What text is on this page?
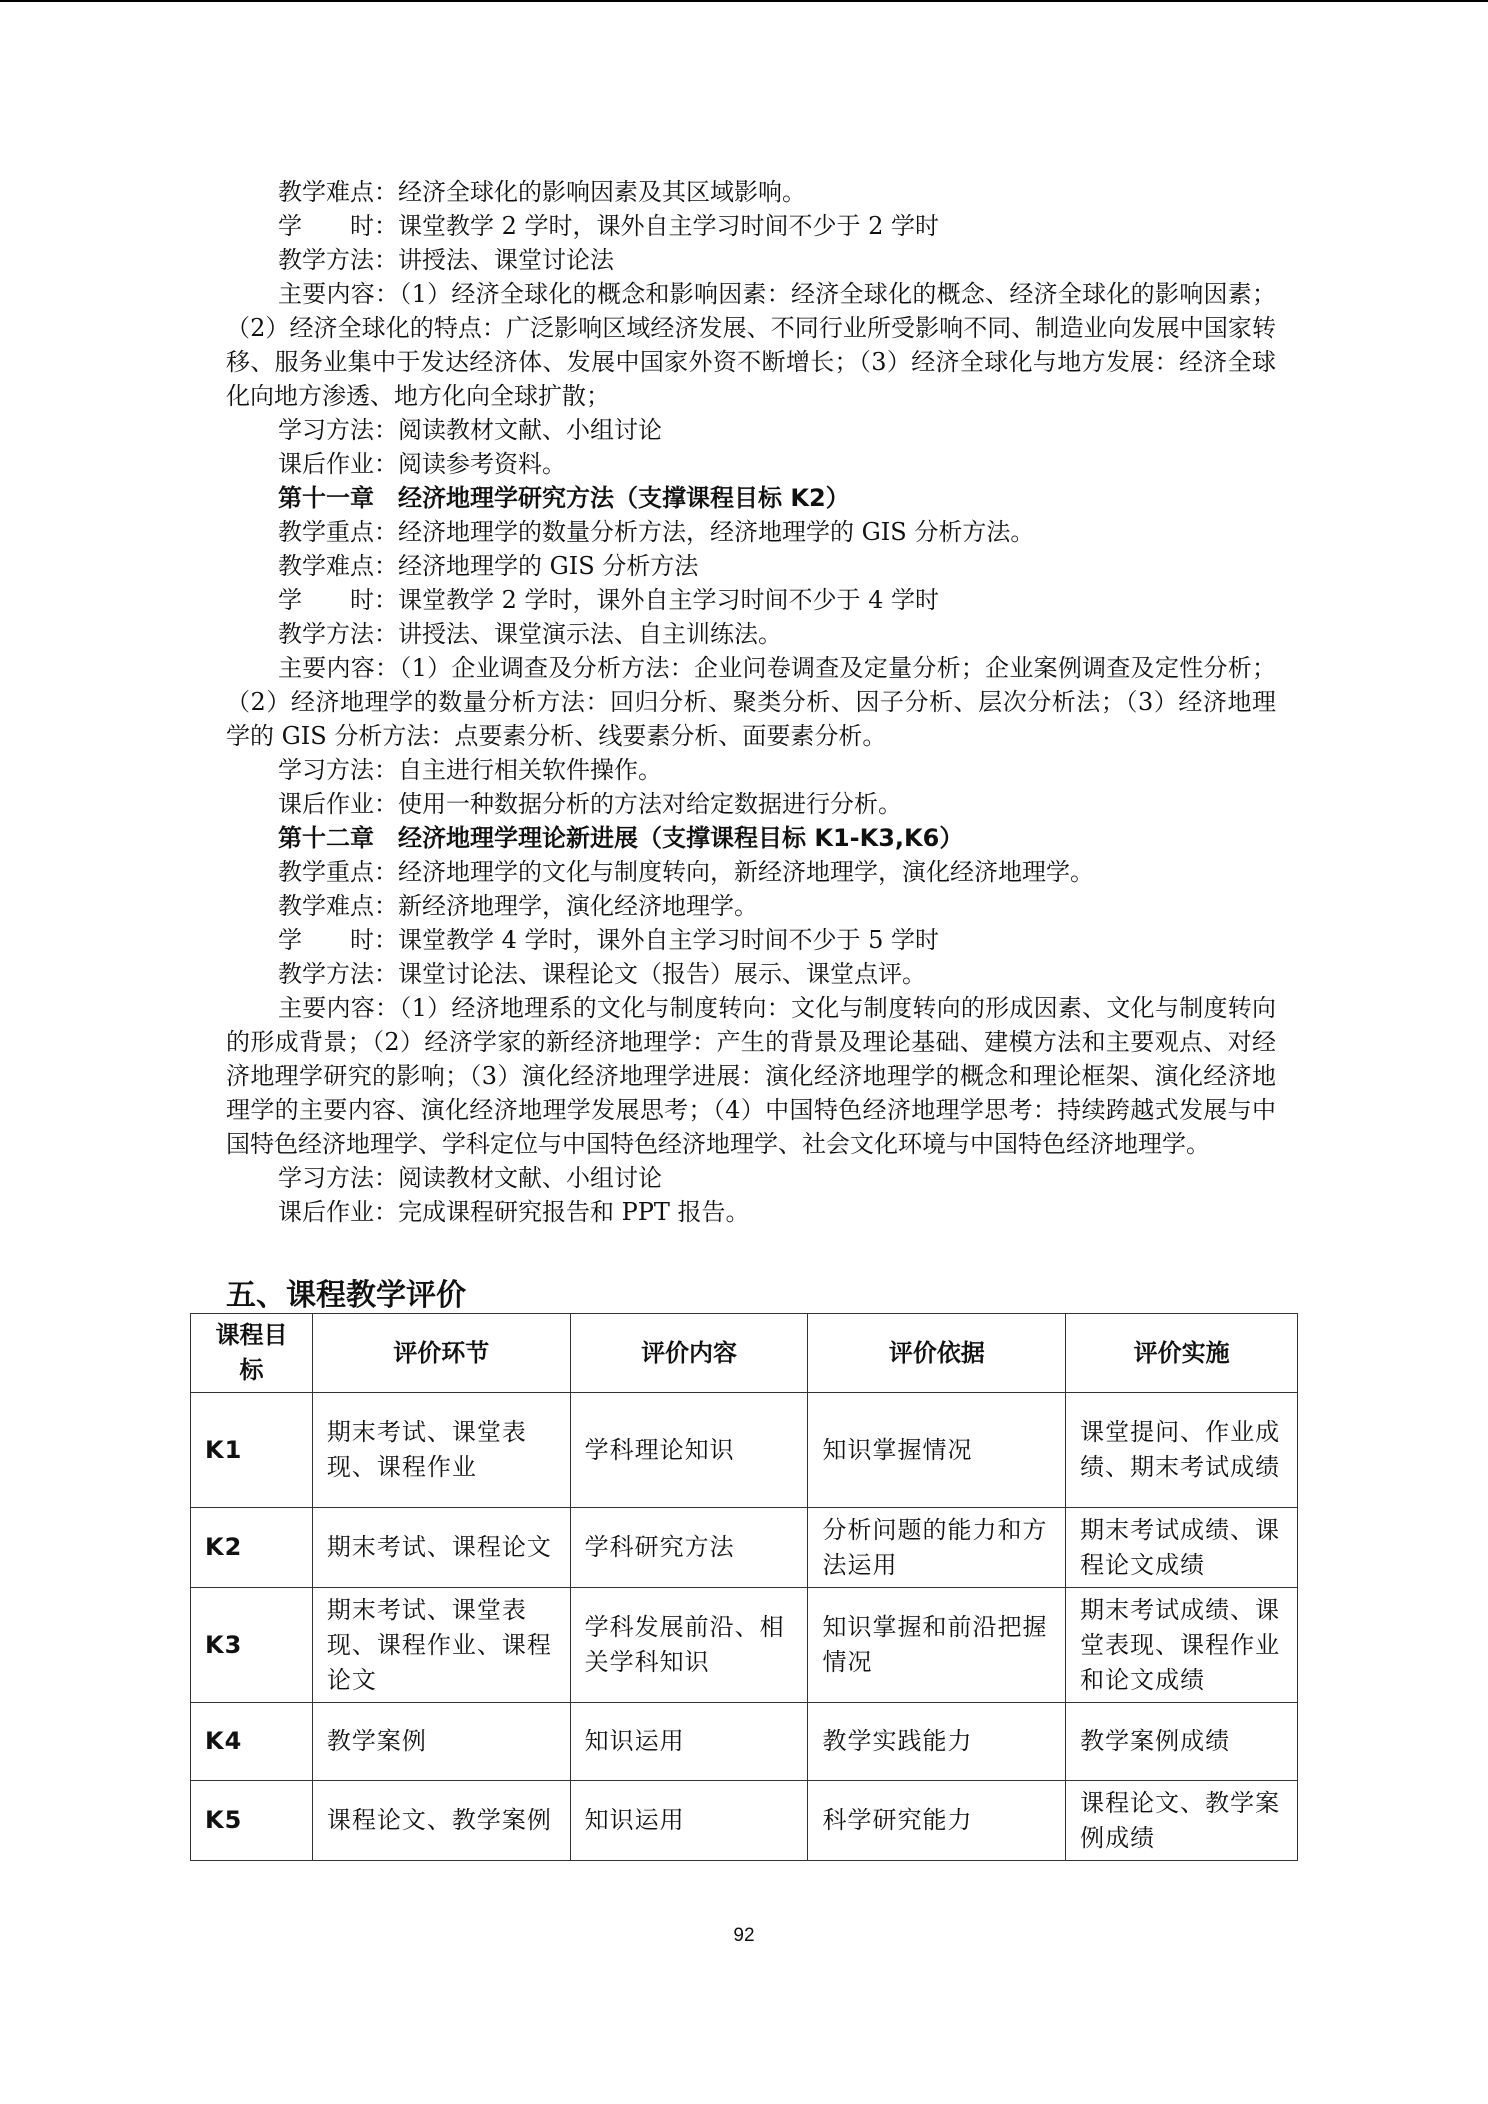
教学难点：经济全球化的影响因素及其区域影响。
学　　时：课堂教学 2 学时，课外自主学习时间不少于 2 学时
教学方法：讲授法、课堂讨论法
主要内容：（1）经济全球化的概念和影响因素：经济全球化的概念、经济全球化的影响因素；（2）经济全球化的特点：广泛影响区域经济发展、不同行业所受影响不同、制造业向发展中国家转移、服务业集中于发达经济体、发展中国家外资不断增长；（3）经济全球化与地方发展：经济全球化向地方渗透、地方化向全球扩散；
学习方法：阅读教材文献、小组讨论
课后作业：阅读参考资料。
第十一章　经济地理学研究方法（支撑课程目标 K2）
教学重点：经济地理学的数量分析方法，经济地理学的 GIS 分析方法。
教学难点：经济地理学的 GIS 分析方法
学　　时：课堂教学 2 学时，课外自主学习时间不少于 4 学时
教学方法：讲授法、课堂演示法、自主训练法。
主要内容：（1）企业调查及分析方法：企业问卷调查及定量分析；企业案例调查及定性分析；（2）经济地理学的数量分析方法：回归分析、聚类分析、因子分析、层次分析法；（3）经济地理学的 GIS 分析方法：点要素分析、线要素分析、面要素分析。
学习方法：自主进行相关软件操作。
课后作业：使用一种数据分析的方法对给定数据进行分析。
第十二章　经济地理学理论新进展（支撑课程目标 K1-K3,K6）
教学重点：经济地理学的文化与制度转向，新经济地理学，演化经济地理学。
教学难点：新经济地理学，演化经济地理学。
学　　时：课堂教学 4 学时，课外自主学习时间不少于 5 学时
教学方法：课堂讨论法、课程论文（报告）展示、课堂点评。
主要内容：（1）经济地理系的文化与制度转向：文化与制度转向的形成因素、文化与制度转向的形成背景；（2）经济学家的新经济地理学：产生的背景及理论基础、建模方法和主要观点、对经济地理学研究的影响；（3）演化经济地理学进展：演化经济地理学的概念和理论框架、演化经济地理学的主要内容、演化经济地理学发展思考；（4）中国特色经济地理学思考：持续跨越式发展与中国特色经济地理学、学科定位与中国特色经济地理学、社会文化环境与中国特色经济地理学。
学习方法：阅读教材文献、小组讨论
课后作业：完成课程研究报告和 PPT 报告。
五、课程教学评价
课程目标	评价环节	评价内容	评价依据	评价实施
K1	期末考试、课堂表现、课程作业	学科理论知识	知识掌握情况	课堂提问、作业成绩、期末考试成绩
K2	期末考试、课程论文	学科研究方法	分析问题的能力和方法运用	期末考试成绩、课程论文成绩
K3	期末考试、课堂表现、课程作业、课程论文	学科发展前沿、相关学科知识	知识掌握和前沿把握情况	期末考试成绩、课堂表现、课程作业和论文成绩
K4	教学案例	知识运用	教学实践能力	教学案例成绩
K5	课程论文、教学案例	知识运用	科学研究能力	课程论文、教学案例成绩
92
